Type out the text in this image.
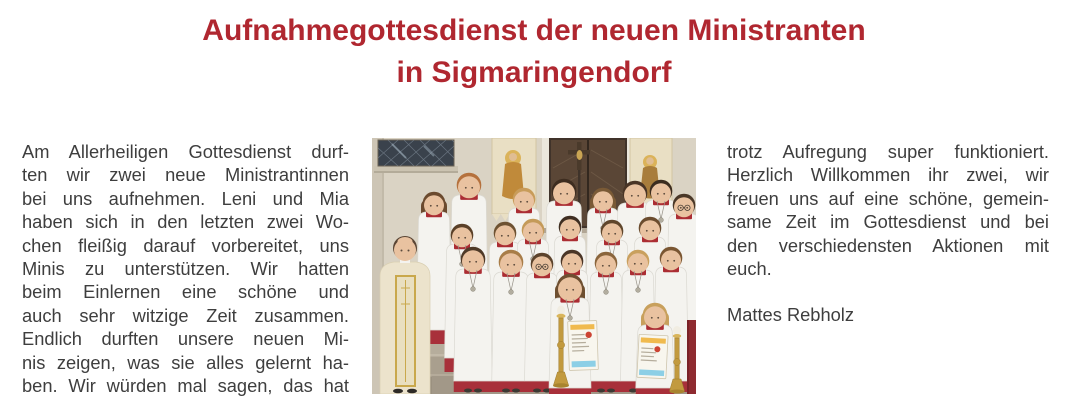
Aufnahmegottesdienst der neuen Ministranten
in Sigmaringendorf
Am Allerheiligen Gottesdienst durf-
ten wir zwei neue Ministrantinnen
bei uns aufnehmen. Leni und Mia
haben sich in den letzten zwei Wo-
chen fleißig darauf vorbereitet, uns
Minis zu unterstützen. Wir hatten
beim Einlernen eine schöne und
auch sehr witzige Zeit zusammen.
Endlich durften unsere neuen Mi-
nis zeigen, was sie alles gelernt ha-
ben. Wir würden mal sagen, das hat
trotz Aufregung super funktioniert.
Herzlich Willkommen ihr zwei, wir
freuen uns auf eine schöne, gemein-
same Zeit im Gottesdienst und bei
den verschiedensten Aktionen mit
euch.
Mattes Rebholz
